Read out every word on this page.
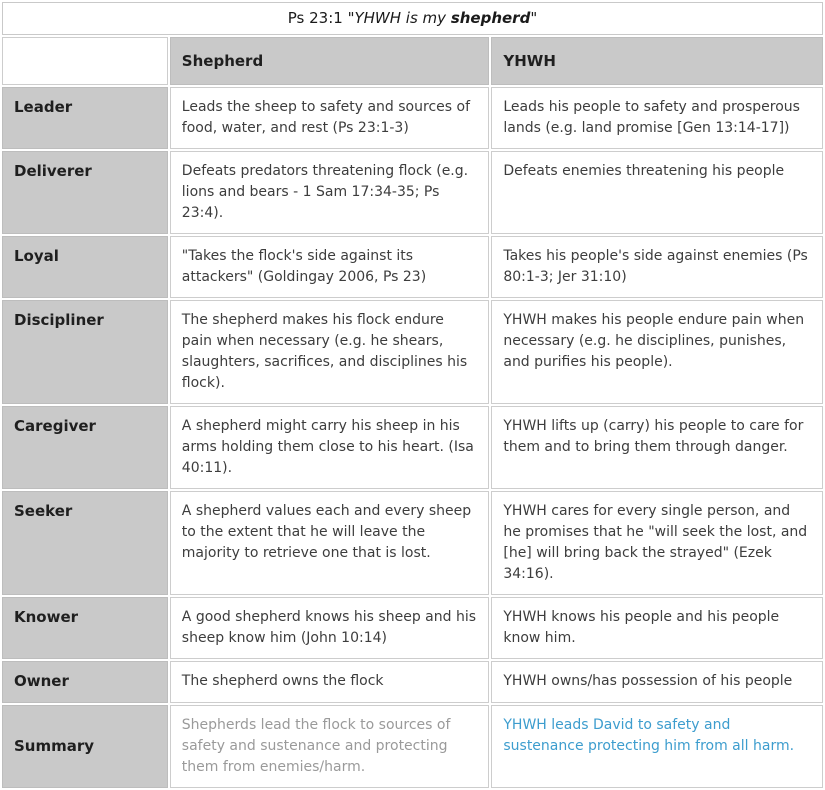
Ps 23:1 "YHWH is my shepherd"		
	Shepherd	YHWH
Leader	Leads the sheep to safety and sources of food, water, and rest (Ps 23:1-3)	Leads his people to safety and prosperous lands (e.g. land promise [Gen 13:14-17])
Deliverer	Defeats predators threatening flock (e.g. lions and bears - 1 Sam 17:34-35; Ps 23:4).	Defeats enemies threatening his people
Loyal	"Takes the flock's side against its attackers" (Goldingay 2006, Ps 23)	Takes his people's side against enemies (Ps 80:1-3; Jer 31:10)
Discipliner	The shepherd makes his flock endure pain when necessary (e.g. he shears, slaughters, sacrifices, and disciplines his flock).	YHWH makes his people endure pain when necessary (e.g. he disciplines, punishes, and purifies his people).
Caregiver	A shepherd might carry his sheep in his arms holding them close to his heart. (Isa 40:11).	YHWH lifts up (carry) his people to care for them and to bring them through danger.
Seeker	A shepherd values each and every sheep to the extent that he will leave the majority to retrieve one that is lost.	YHWH cares for every single person, and he promises that he "will seek the lost, and [he] will bring back the strayed" (Ezek 34:16).
Knower	A good shepherd knows his sheep and his sheep know him (John 10:14)	YHWH knows his people and his people know him.
Owner	The shepherd owns the flock	YHWH owns/has possession of his people
Summary	Shepherds lead the flock to sources of safety and sustenance and protecting them from enemies/harm.	YHWH leads David to safety and sustenance protecting him from all harm.
